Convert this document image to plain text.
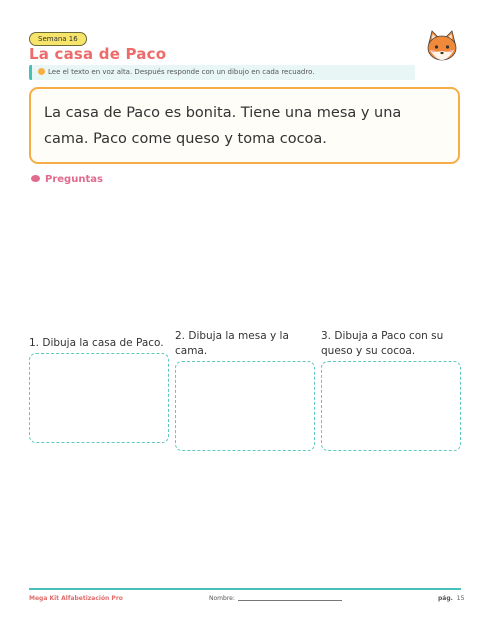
Semana 16
La casa de Paco
Lee el texto en voz alta. Después responde con un dibujo en cada recuadro.
La casa de Paco es bonita. Tiene una mesa y una cama. Paco come queso y toma cocoa.
Preguntas
1. Dibuja la casa de Paco.
2. Dibuja la mesa y la cama.
3. Dibuja a Paco con su queso y su cocoa.
Mega Kit Alfabetización Pro	Nombre:	pág. 15
